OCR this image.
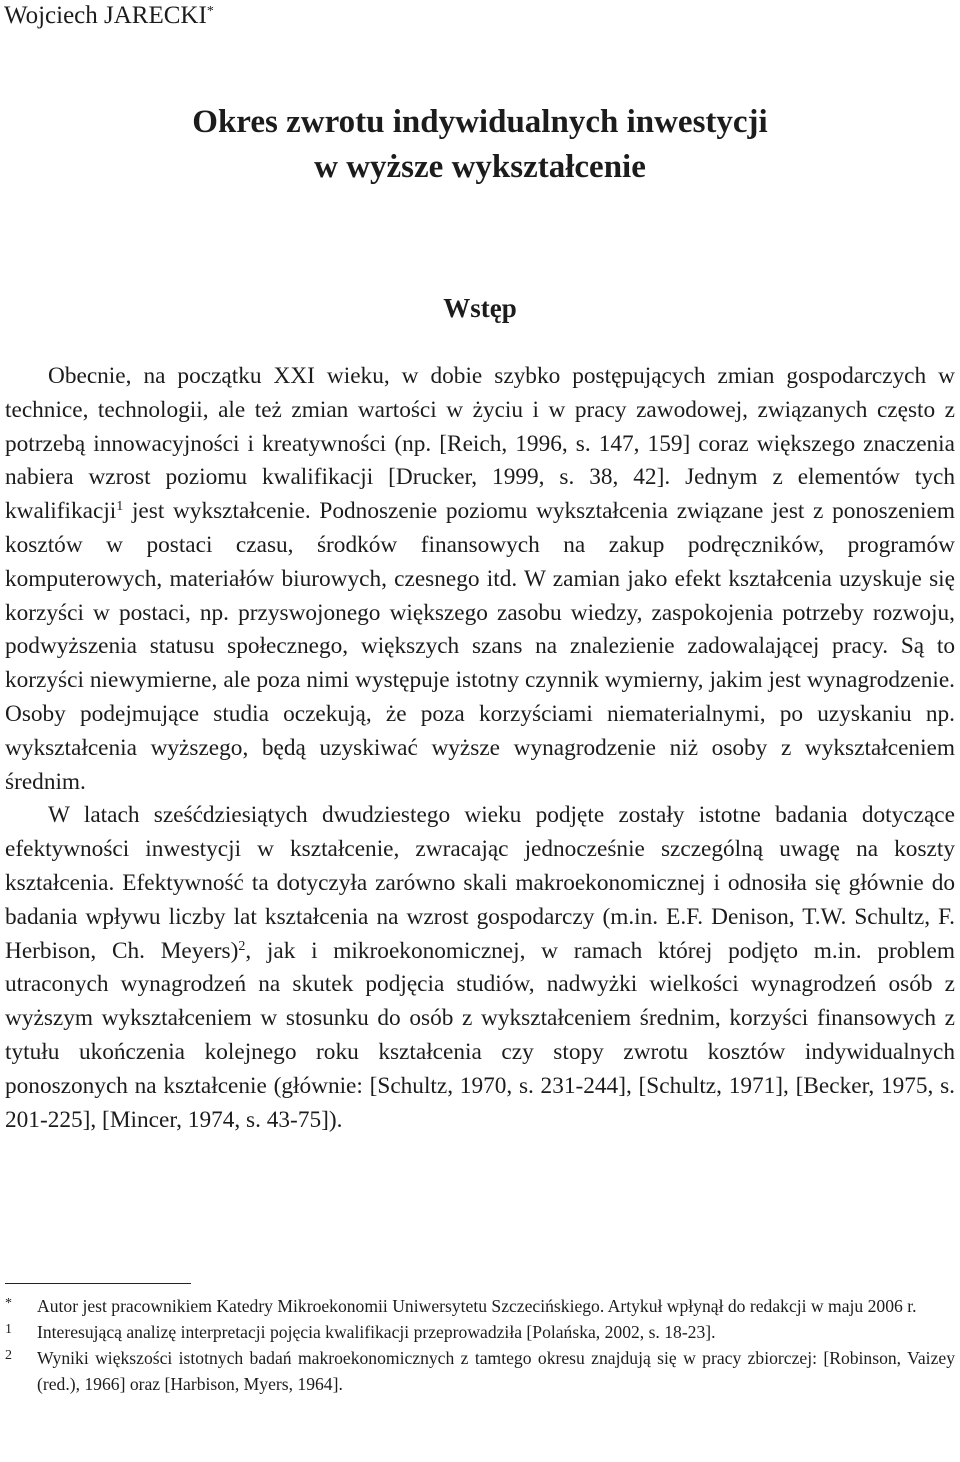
Wojciech JARECKI*
Okres zwrotu indywidualnych inwestycji
w wyższe wykształcenie
Wstęp

Obecnie, na początku XXI wieku, w dobie szybko postępujących zmian gospodarczych w technice, technologii, ale też zmian wartości w życiu i w pracy zawodowej, związanych często z potrzebą innowacyjności i kreatywności (np. [Reich, 1996, s. 147, 159] coraz większego znaczenia nabiera wzrost poziomu kwalifikacji [Drucker, 1999, s. 38, 42]. Jednym z elementów tych kwalifikacji$^1$ jest wykształcenie. Podnoszenie poziomu wykształcenia związane jest z ponoszeniem kosztów w postaci czasu, środków finansowych na zakup podręczników, programów komputerowych, materiałów biurowych, czesnego itd. W zamian jako efekt kształcenia uzyskuje się korzyści w postaci, np. przyswojonego większego zasobu wiedzy, zaspokojenia potrzeby rozwoju, podwyższenia statusu społecznego, większych szans na znalezienie zadowalającej pracy. Są to korzyści niewymierne, ale poza nimi występuje istotny czynnik wymierny, jakim jest wynagrodzenie. Osoby podejmujące studia oczekują, że poza korzyściami niematerialnymi, po uzyskaniu np. wykształcenia wyższego, będą uzyskiwać wyższe wynagrodzenie niż osoby z wykształceniem średnim.

W latach sześćdziesiątych dwudziestego wieku podjęte zostały istotne badania dotyczące efektywności inwestycji w kształcenie, zwracając jednocześnie szczególną uwagę na koszty kształcenia. Efektywność ta dotyczyła zarówno skali makroekonomicznej i odnosiła się głównie do badania wpływu liczby lat kształcenia na wzrost gospodarczy (m.in. E.F. Denison, T.W. Schultz, F. Herbison, Ch. Meyers)$^2$, jak i mikroekonomicznej, w ramach której podjęto m.in. problem utraconych wynagrodzeń na skutek podjęcia studiów, nadwyżki wielkości wynagrodzeń osób z wyższym wykształceniem w stosunku do osób z wykształceniem średnim, korzyści finansowych z tytułu ukończenia kolejnego roku kształcenia czy stopy zwrotu kosztów indywidualnych ponoszonych na kształcenie (głównie: [Schultz, 1970, s. 231-244], [Schultz, 1971], [Becker, 1975, s. 201-225], [Mincer, 1974, s. 43-75]).

* Autor jest pracownikiem Katedry Mikroekonomii Uniwersytetu Szczecińskiego. Artykuł wpłynął do redakcji w maju 2006 r.

1 Interesującą analizę interpretacji pojęcia kwalifikacji przeprowadziła [Polańska, 2002, s. 18-23].

2 Wyniki większości istotnych badań makroekonomicznych z tamtego okresu znajdują się w pracy zbiorczej: [Robinson, Vaizey (red.), 1966] oraz [Harbison, Myers, 1964].
